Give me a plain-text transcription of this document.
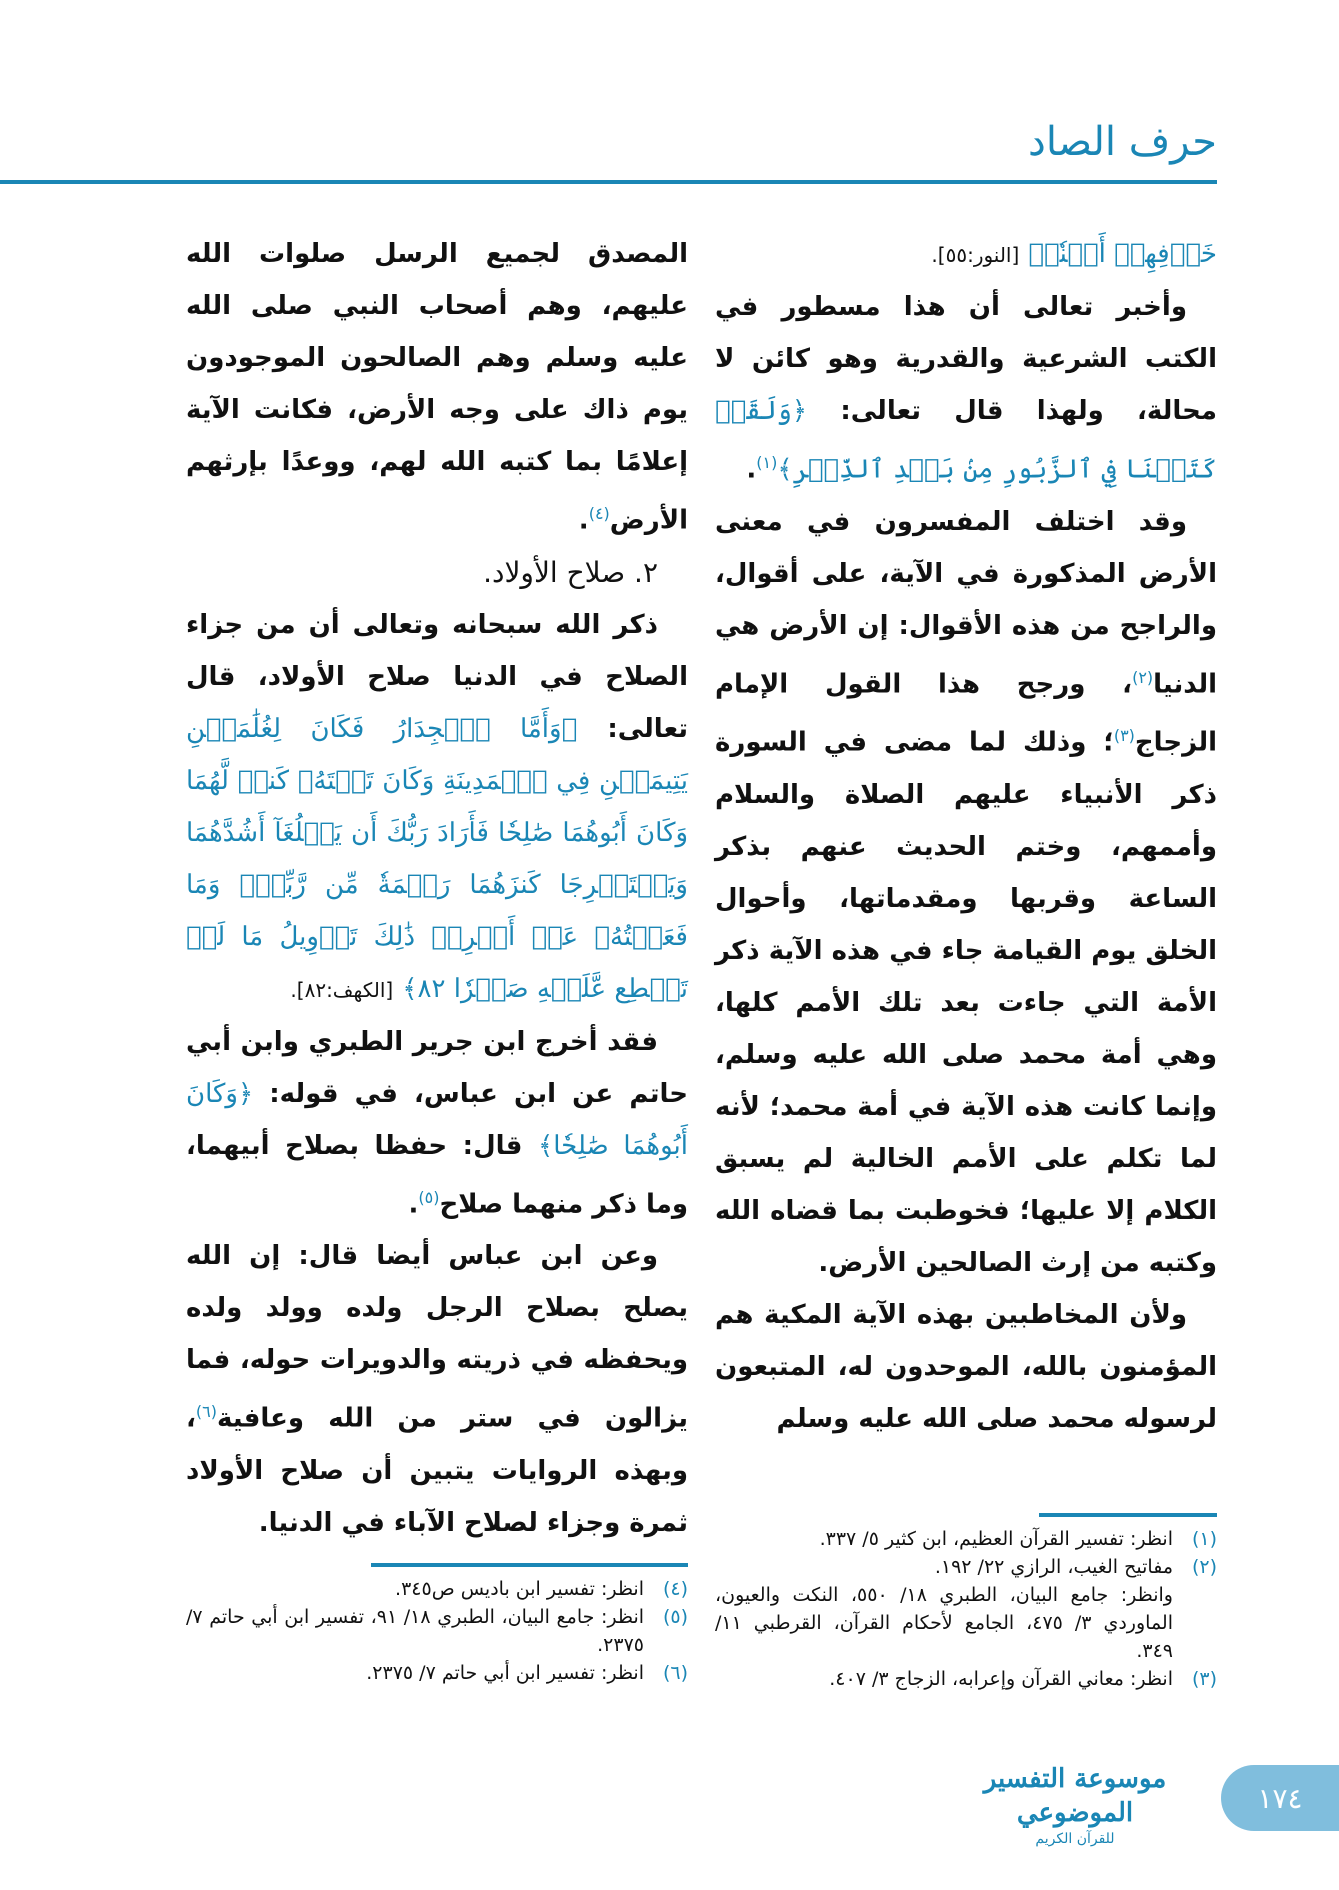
حرف الصاد

خَوۡفِهِمۡ أَمۡنٗاۚ [النور:٥٥].

وأخبر تعالى أن هذا مسطور في الكتب الشرعية والقدرية وهو كائن لا محالة، ولهذا قال تعالى: ﴿وَلَقَدۡ كَتَبۡنَا فِي ٱلزَّبُورِ مِنۢ بَعۡدِ ٱلذِّكۡرِ﴾$^{(١)}$.

وقد اختلف المفسرون في معنى الأرض المذكورة في الآية، على أقوال، والراجح من هذه الأقوال: إن الأرض هي الدنيا$^{(٢)}$، ورجح هذا القول الإمام الزجاج$^{(٣)}$؛ وذلك لما مضى في السورة ذكر الأنبياء عليهم الصلاة والسلام وأممهم، وختم الحديث عنهم بذكر الساعة وقربها ومقدماتها، وأحوال الخلق يوم القيامة جاء في هذه الآية ذكر الأمة التي جاءت بعد تلك الأمم كلها، وهي أمة محمد صلى الله عليه وسلم، وإنما كانت هذه الآية في أمة محمد؛ لأنه لما تكلم على الأمم الخالية لم يسبق الكلام إلا عليها؛ فخوطبت بما قضاه الله وكتبه من إرث الصالحين الأرض.

ولأن المخاطبين بهذه الآية المكية هم المؤمنون بالله، الموحدون له، المتبعون لرسوله محمد صلى الله عليه وسلم

المصدق لجميع الرسل صلوات الله عليهم، وهم أصحاب النبي صلى الله عليه وسلم وهم الصالحون الموجودون يوم ذاك على وجه الأرض، فكانت الآية إعلامًا بما كتبه الله لهم، ووعدًا بإرثهم الأرض$^{(٤)}$.

٢. صلاح الأولاد.

ذكر الله سبحانه وتعالى أن من جزاء الصلاح في الدنيا صلاح الأولاد، قال تعالى: ﴿وَأَمَّا ٱلۡجِدَارُ فَكَانَ لِغُلَٰمَيۡنِ يَتِيمَيۡنِ فِي ٱلۡمَدِينَةِ وَكَانَ تَحۡتَهُۥ كَنزٞ لَّهُمَا وَكَانَ أَبُوهُمَا صَٰلِحٗا فَأَرَادَ رَبُّكَ أَن يَبۡلُغَآ أَشُدَّهُمَا وَيَسۡتَخۡرِجَا كَنزَهُمَا رَحۡمَةٗ مِّن رَّبِّكَۚ وَمَا فَعَلۡتُهُۥ عَنۡ أَمۡرِيۚ ذَٰلِكَ تَأۡوِيلُ مَا لَمۡ تَسۡطِع عَّلَيۡهِ صَبۡرٗا ٨٢﴾ [الكهف:٨٢].

فقد أخرج ابن جرير الطبري وابن أبي حاتم عن ابن عباس، في قوله: ﴿وَكَانَ أَبُوهُمَا صَٰلِحٗا﴾ قال: حفظا بصلاح أبيهما، وما ذكر منهما صلاح$^{(٥)}$.

وعن ابن عباس أيضا قال: إن الله يصلح بصلاح الرجل ولده وولد ولده ويحفظه في ذريته والدويرات حوله، فما يزالون في ستر من الله وعافية$^{(٦)}$، وبهذه الروايات يتبين أن صلاح الأولاد ثمرة وجزاء لصلاح الآباء في الدنيا.

(١)
انظر: تفسير القرآن العظيم، ابن كثير ٥/ ٣٣٧.
(٢)
مفاتيح الغيب، الرازي ٢٢/ ١٩٢.
وانظر: جامع البيان، الطبري ١٨/ ٥٥٠، النكت والعيون، الماوردي ٣/ ٤٧٥، الجامع لأحكام القرآن، القرطبي ١١/ ٣٤٩.
(٣)
انظر: معاني القرآن وإعرابه، الزجاج ٣/ ٤٠٧.
(٤)
انظر: تفسير ابن باديس ص٣٤٥.
(٥)
انظر: جامع البيان، الطبري ١٨/ ٩١، تفسير ابن أبي حاتم ٧/ ٢٣٧٥.
(٦)
انظر: تفسير ابن أبي حاتم ٧/ ٢٣٧٥.
موسوعة التفسير الموضوعي
للقرآن الكريم
١٧٤
